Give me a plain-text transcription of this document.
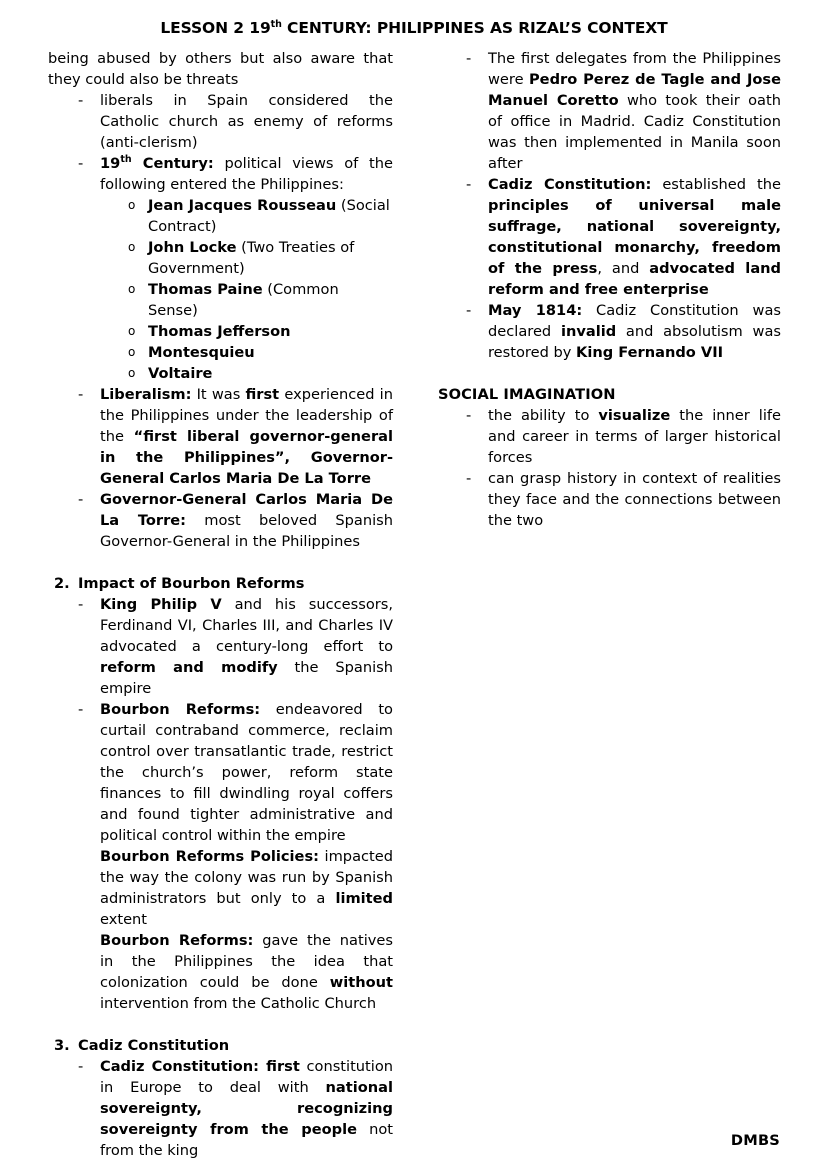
LESSON 2 19th CENTURY: PHILIPPINES AS RIZAL’S CONTEXT
being abused by others but also aware that they could also be threats
- liberals in Spain considered the Catholic church as enemy of reforms (anti-clerism)
- 19th Century: political views of the following entered the Philippines:
o Jean Jacques Rousseau (Social Contract)
o John Locke (Two Treaties of Government)
o Thomas Paine (Common Sense)
o Thomas Jefferson
o Montesquieu
o Voltaire
- Liberalism: It was first experienced in the Philippines under the leadership of the “first liberal governor-general in the Philippines”, Governor-General Carlos Maria De La Torre
- Governor-General Carlos Maria De La Torre: most beloved Spanish Governor-General in the Philippines
2. Impact of Bourbon Reforms
- King Philip V and his successors, Ferdinand VI, Charles III, and Charles IV advocated a century-long effort to reform and modify the Spanish empire
- Bourbon Reforms: endeavored to curtail contraband commerce, reclaim control over transatlantic trade, restrict the church’s power, reform state finances to fill dwindling royal coffers and found tighter administrative and political control within the empire
Bourbon Reforms Policies: impacted the way the colony was run by Spanish administrators but only to a limited extent
Bourbon Reforms: gave the natives in the Philippines the idea that colonization could be done without intervention from the Catholic Church
3. Cadiz Constitution
- Cadiz Constitution: first constitution in Europe to deal with national sovereignty, recognizing sovereignty from the people not from the king
- The first delegates from the Philippines were Pedro Perez de Tagle and Jose Manuel Coretto who took their oath of office in Madrid. Cadiz Constitution was then implemented in Manila soon after
- Cadiz Constitution: established the principles of universal male suffrage, national sovereignty, constitutional monarchy, freedom of the press, and advocated land reform and free enterprise
- May 1814: Cadiz Constitution was declared invalid and absolutism was restored by King Fernando VII
SOCIAL IMAGINATION
- the ability to visualize the inner life and career in terms of larger historical forces
- can grasp history in context of realities they face and the connections between the two
DMBS
